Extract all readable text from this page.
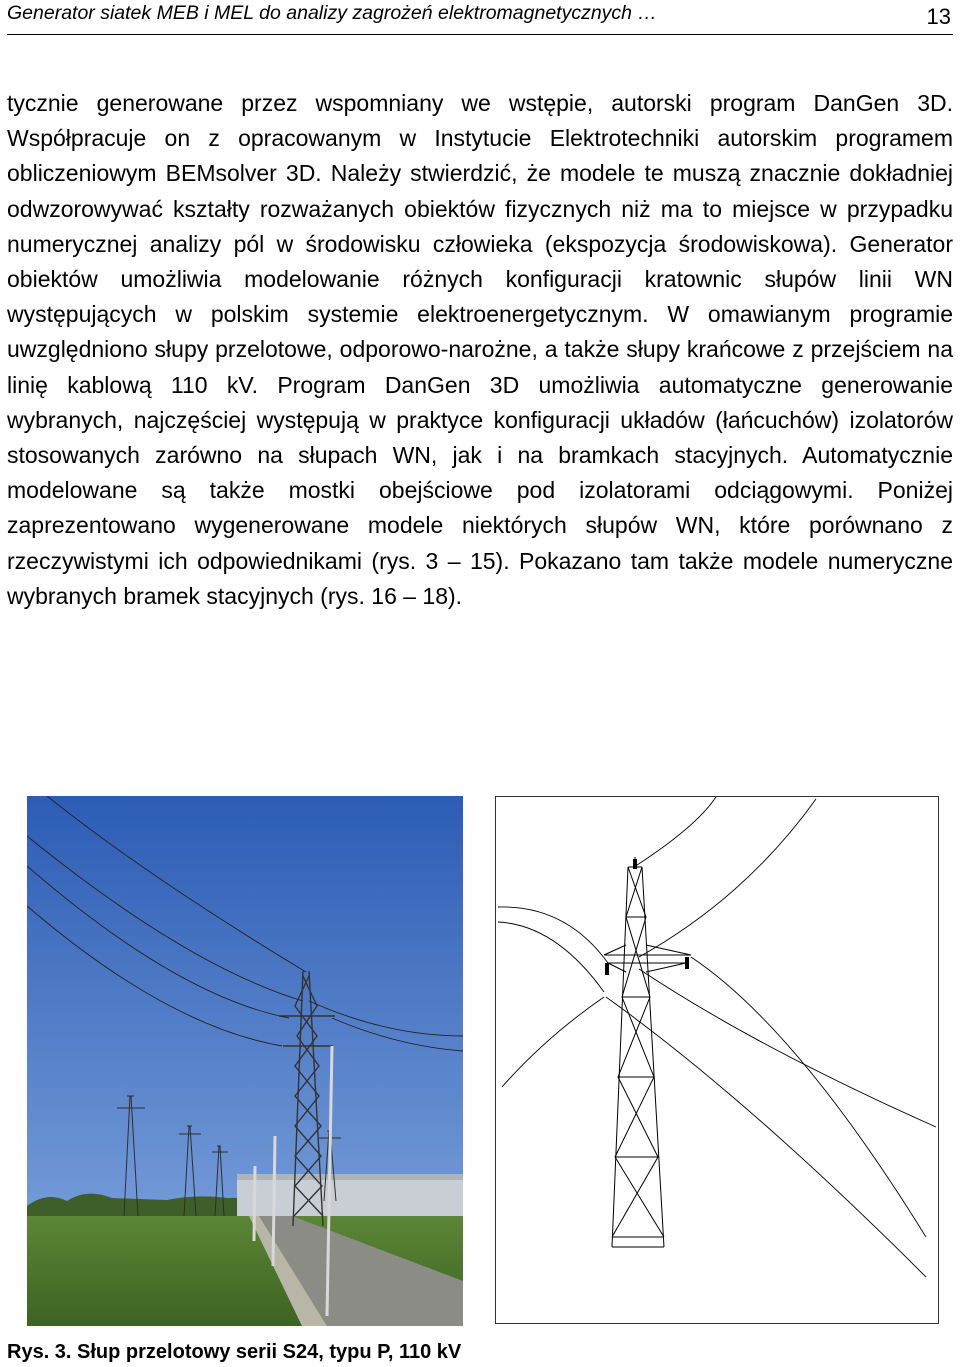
Generator siatek MEB i MEL do analizy zagrożeń elektromagnetycznych …	13
tycznie generowane przez wspomniany we wstępie, autorski program DanGen 3D. Współpracuje on z opracowanym w Instytucie Elektrotechniki autorskim programem obliczeniowym BEMsolver 3D. Należy stwierdzić, że modele te muszą znacznie dokładniej odwzorowywać kształty rozważanych obiektów fizycznych niż ma to miejsce w przypadku numerycznej analizy pól w środowisku człowieka (ekspozycja środowiskowa). Generator obiektów umożliwia modelowanie różnych konfiguracji kratownic słupów linii WN występujących w polskim systemie elektroenergetycznym. W omawianym programie uwzględniono słupy przelotowe, odporowo-narożne, a także słupy krańcowe z przejściem na linię kablową 110 kV. Program DanGen 3D umożliwia automatyczne generowanie wybranych, najczęściej występują w praktyce konfiguracji układów (łańcuchów) izolatorów stosowanych zarówno na słupach WN, jak i na bramkach stacyjnych. Automatycznie modelowane są także mostki obejściowe pod izolatorami odciągowymi. Poniżej zaprezentowano wygenerowane modele niektórych słupów WN, które porównano z rzeczywistymi ich odpowiednikami (rys. 3 – 15). Pokazano tam także modele numeryczne wybranych bramek stacyjnych (rys. 16 – 18).
Rys. 3. Słup przelotowy serii S24, typu P, 110 kV
